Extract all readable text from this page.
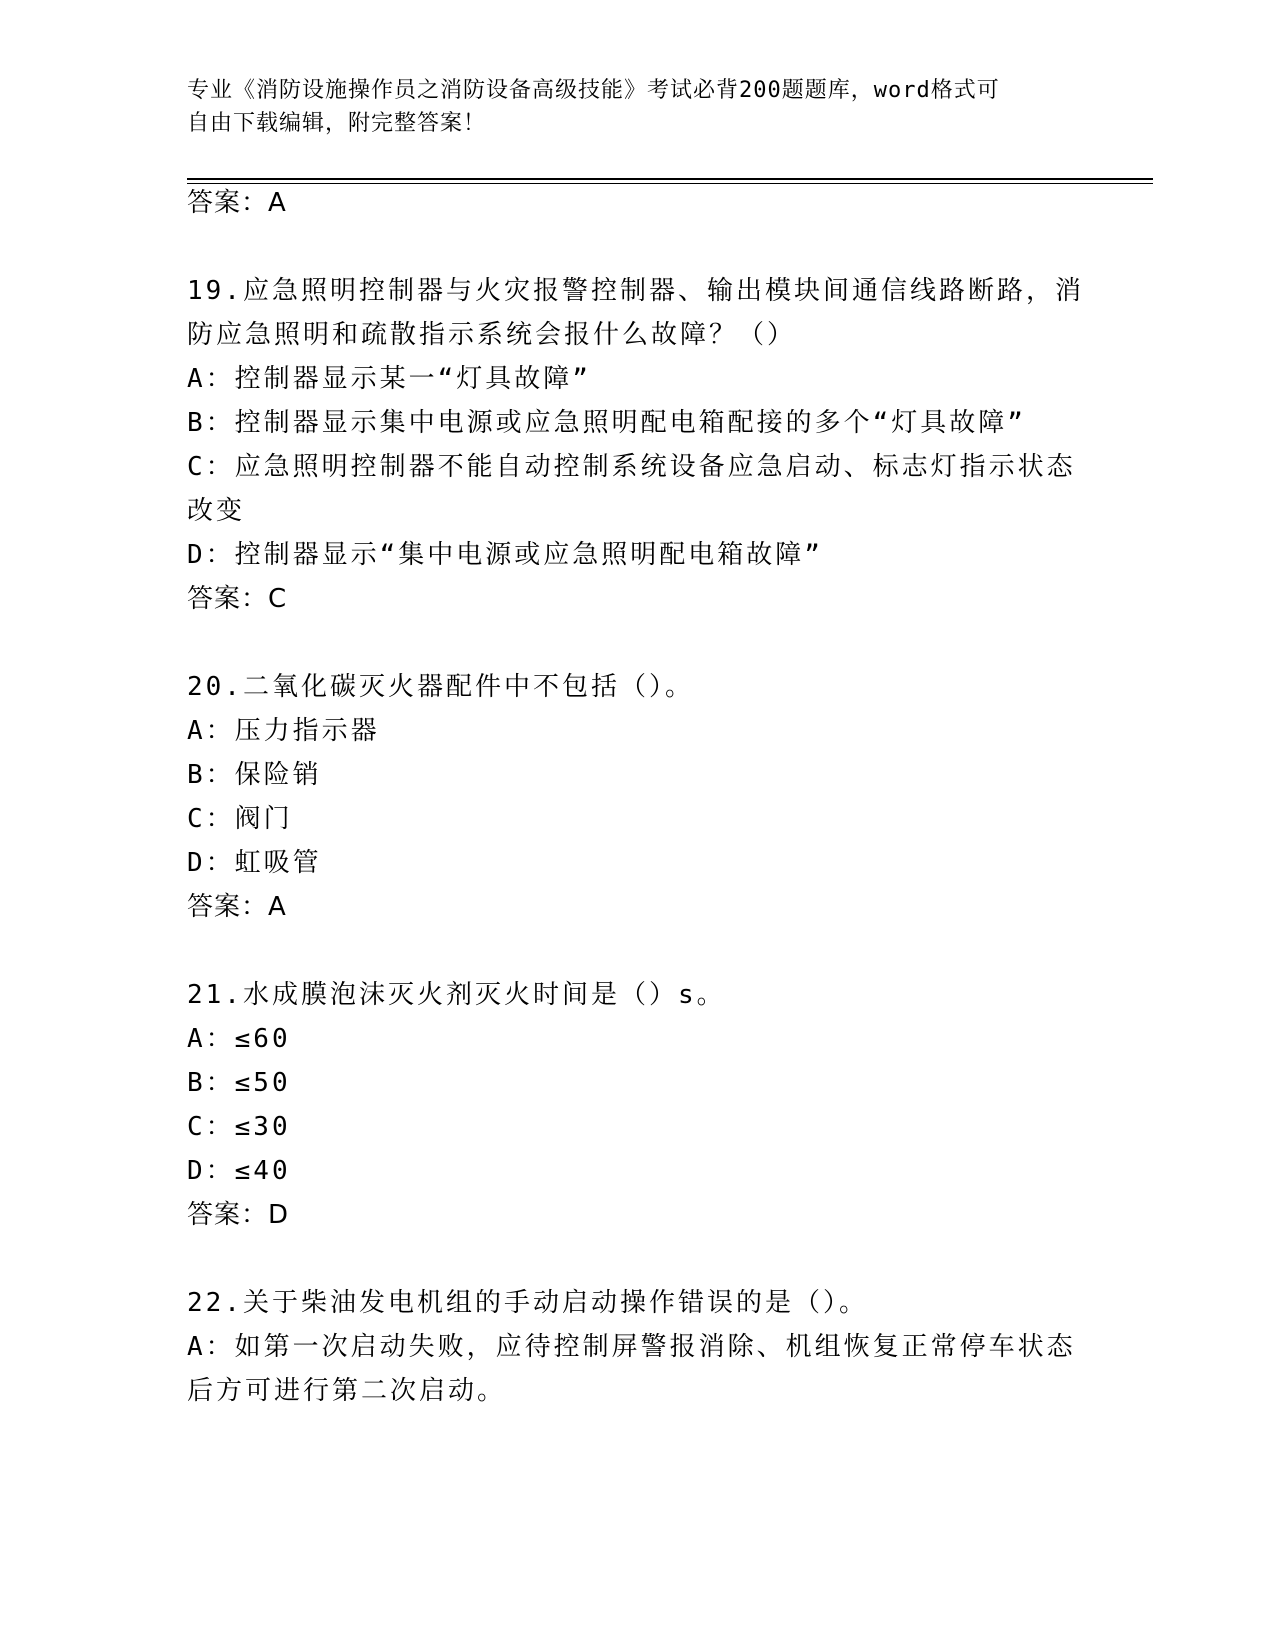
专业《消防设施操作员之消防设备高级技能》考试必背200题题库，word格式可
自由下载编辑，附完整答案！
答案：A
19.应急照明控制器与火灾报警控制器、输出模块间通信线路断路，消
防应急照明和疏散指示系统会报什么故障？（）
A：控制器显示某一“灯具故障”
B：控制器显示集中电源或应急照明配电箱配接的多个“灯具故障”
C：应急照明控制器不能自动控制系统设备应急启动、标志灯指示状态
改变
D：控制器显示“集中电源或应急照明配电箱故障”
答案：C
20.二氧化碳灭火器配件中不包括（）。
A：压力指示器
B：保险销
C：阀门
D：虹吸管
答案：A
21.水成膜泡沫灭火剂灭火时间是（）s。
A：≤60
B：≤50
C：≤30
D：≤40
答案：D
22.关于柴油发电机组的手动启动操作错误的是（）。
A：如第一次启动失败，应待控制屏警报消除、机组恢复正常停车状态
后方可进行第二次启动。
